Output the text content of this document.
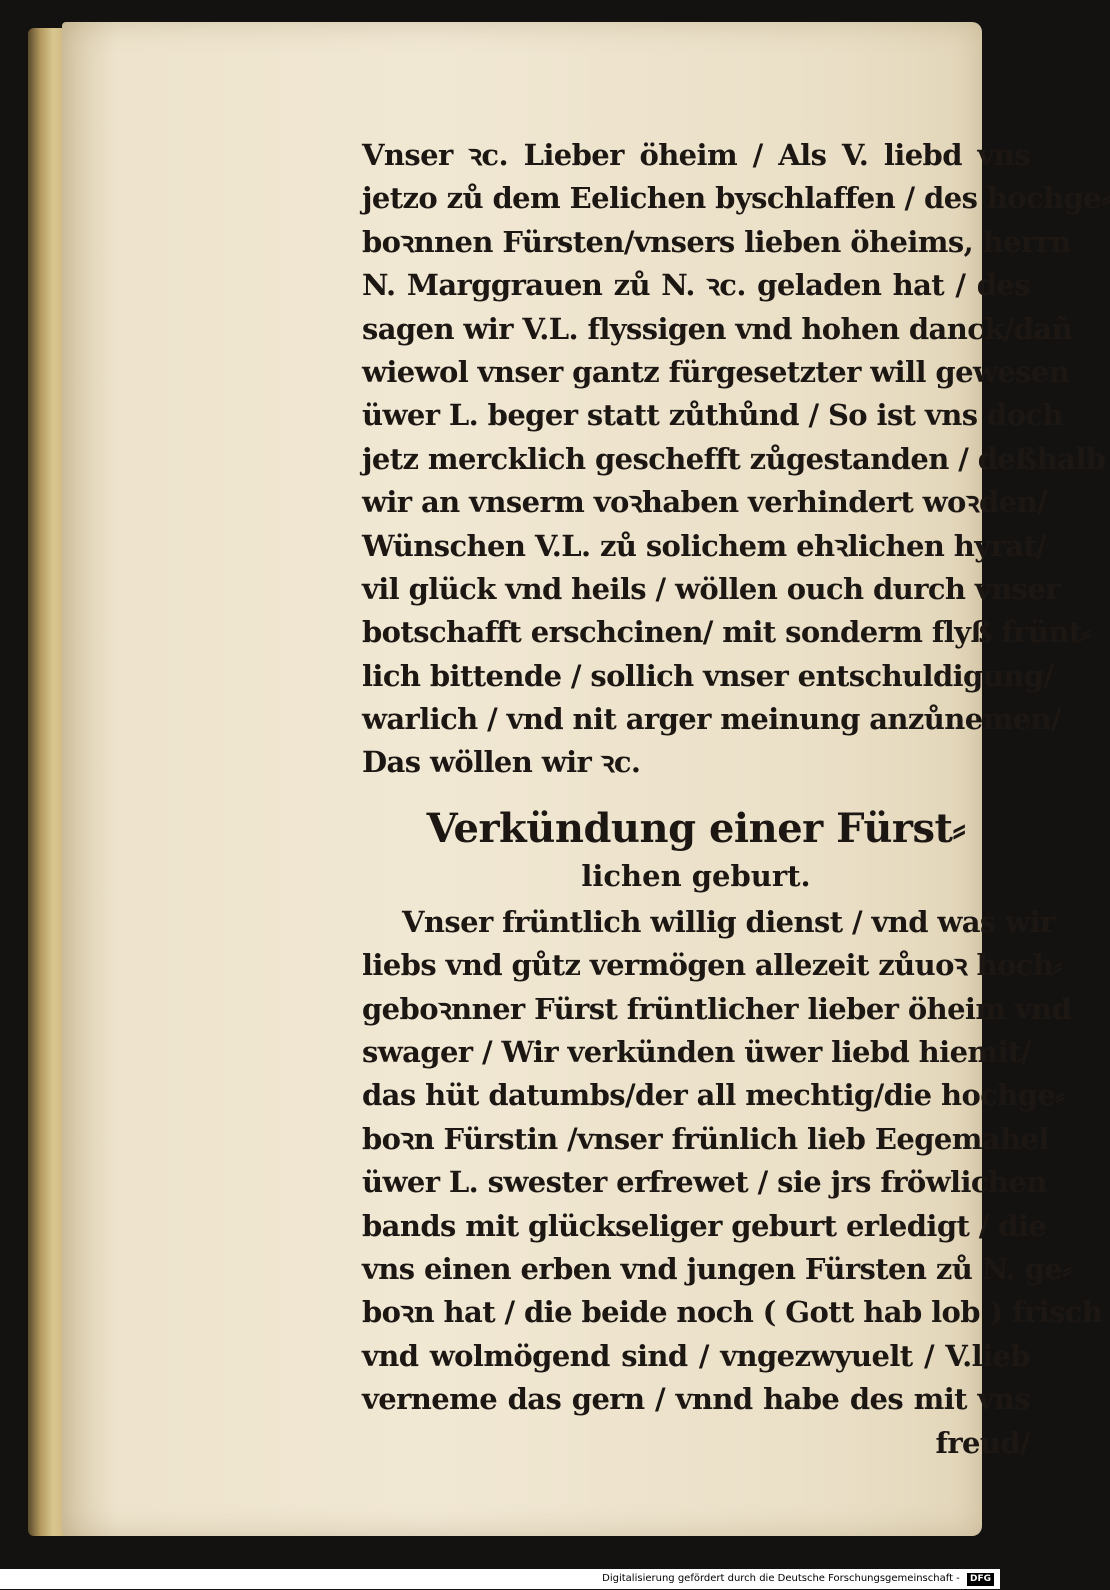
Vnser ꝛc. Lieber öheim / Als V. liebd vns
jetzo zů dem Eelichen byschlaffen / des hochge⸗
boꝛnnen Fürsten/vnsers lieben öheims, herrn
N. Marggrauen zů N. ꝛc. geladen hat / des
sagen wir V.L. flyssigen vnd hohen danck/dañ
wiewol vnser gantz fürgesetzter will gewesen
üwer L. beger statt zůthůnd / So ist vns doch
jetz mercklich geschefft zůgestanden / deßhalb
wir an vnserm voꝛhaben verhindert woꝛden/
Wünschen V.L. zů solichem ehꝛlichen hyrat/
vil glück vnd heils / wöllen ouch durch vnser
botschafft erschcinen/ mit sonderm flyß frünt⸗
lich bittende / sollich vnser entschuldigung/
warlich / vnd nit arger meinung anzůnemen/
Das wöllen wir ꝛc.
Verkündung einer Fürst⸗
lichen geburt.
Vnser früntlich willig dienst / vnd was wir
liebs vnd gůtz vermögen allezeit zůuoꝛ hoch⸗
geboꝛnner Fürst früntlicher lieber öheim vnd
swager / Wir verkünden üwer liebd hiemit/
das hüt datumbs/der all mechtig/die hochge⸗
boꝛn Fürstin /vnser frünlich lieb Eegemahel
üwer L. swester erfrewet / sie jrs fröwlichen
bands mit glückseliger geburt erledigt / die
vns einen erben vnd jungen Fürsten zů N. ge⸗
boꝛn hat / die beide noch ( Gott hab lob ) frisch
vnd wolmögend sind / vngezwyuelt / V.lieb
verneme das gern / vnnd habe des mit vns
freud/
Digitalisierung gefördert durch die Deutsche Forschungsgemeinschaft - DFG
